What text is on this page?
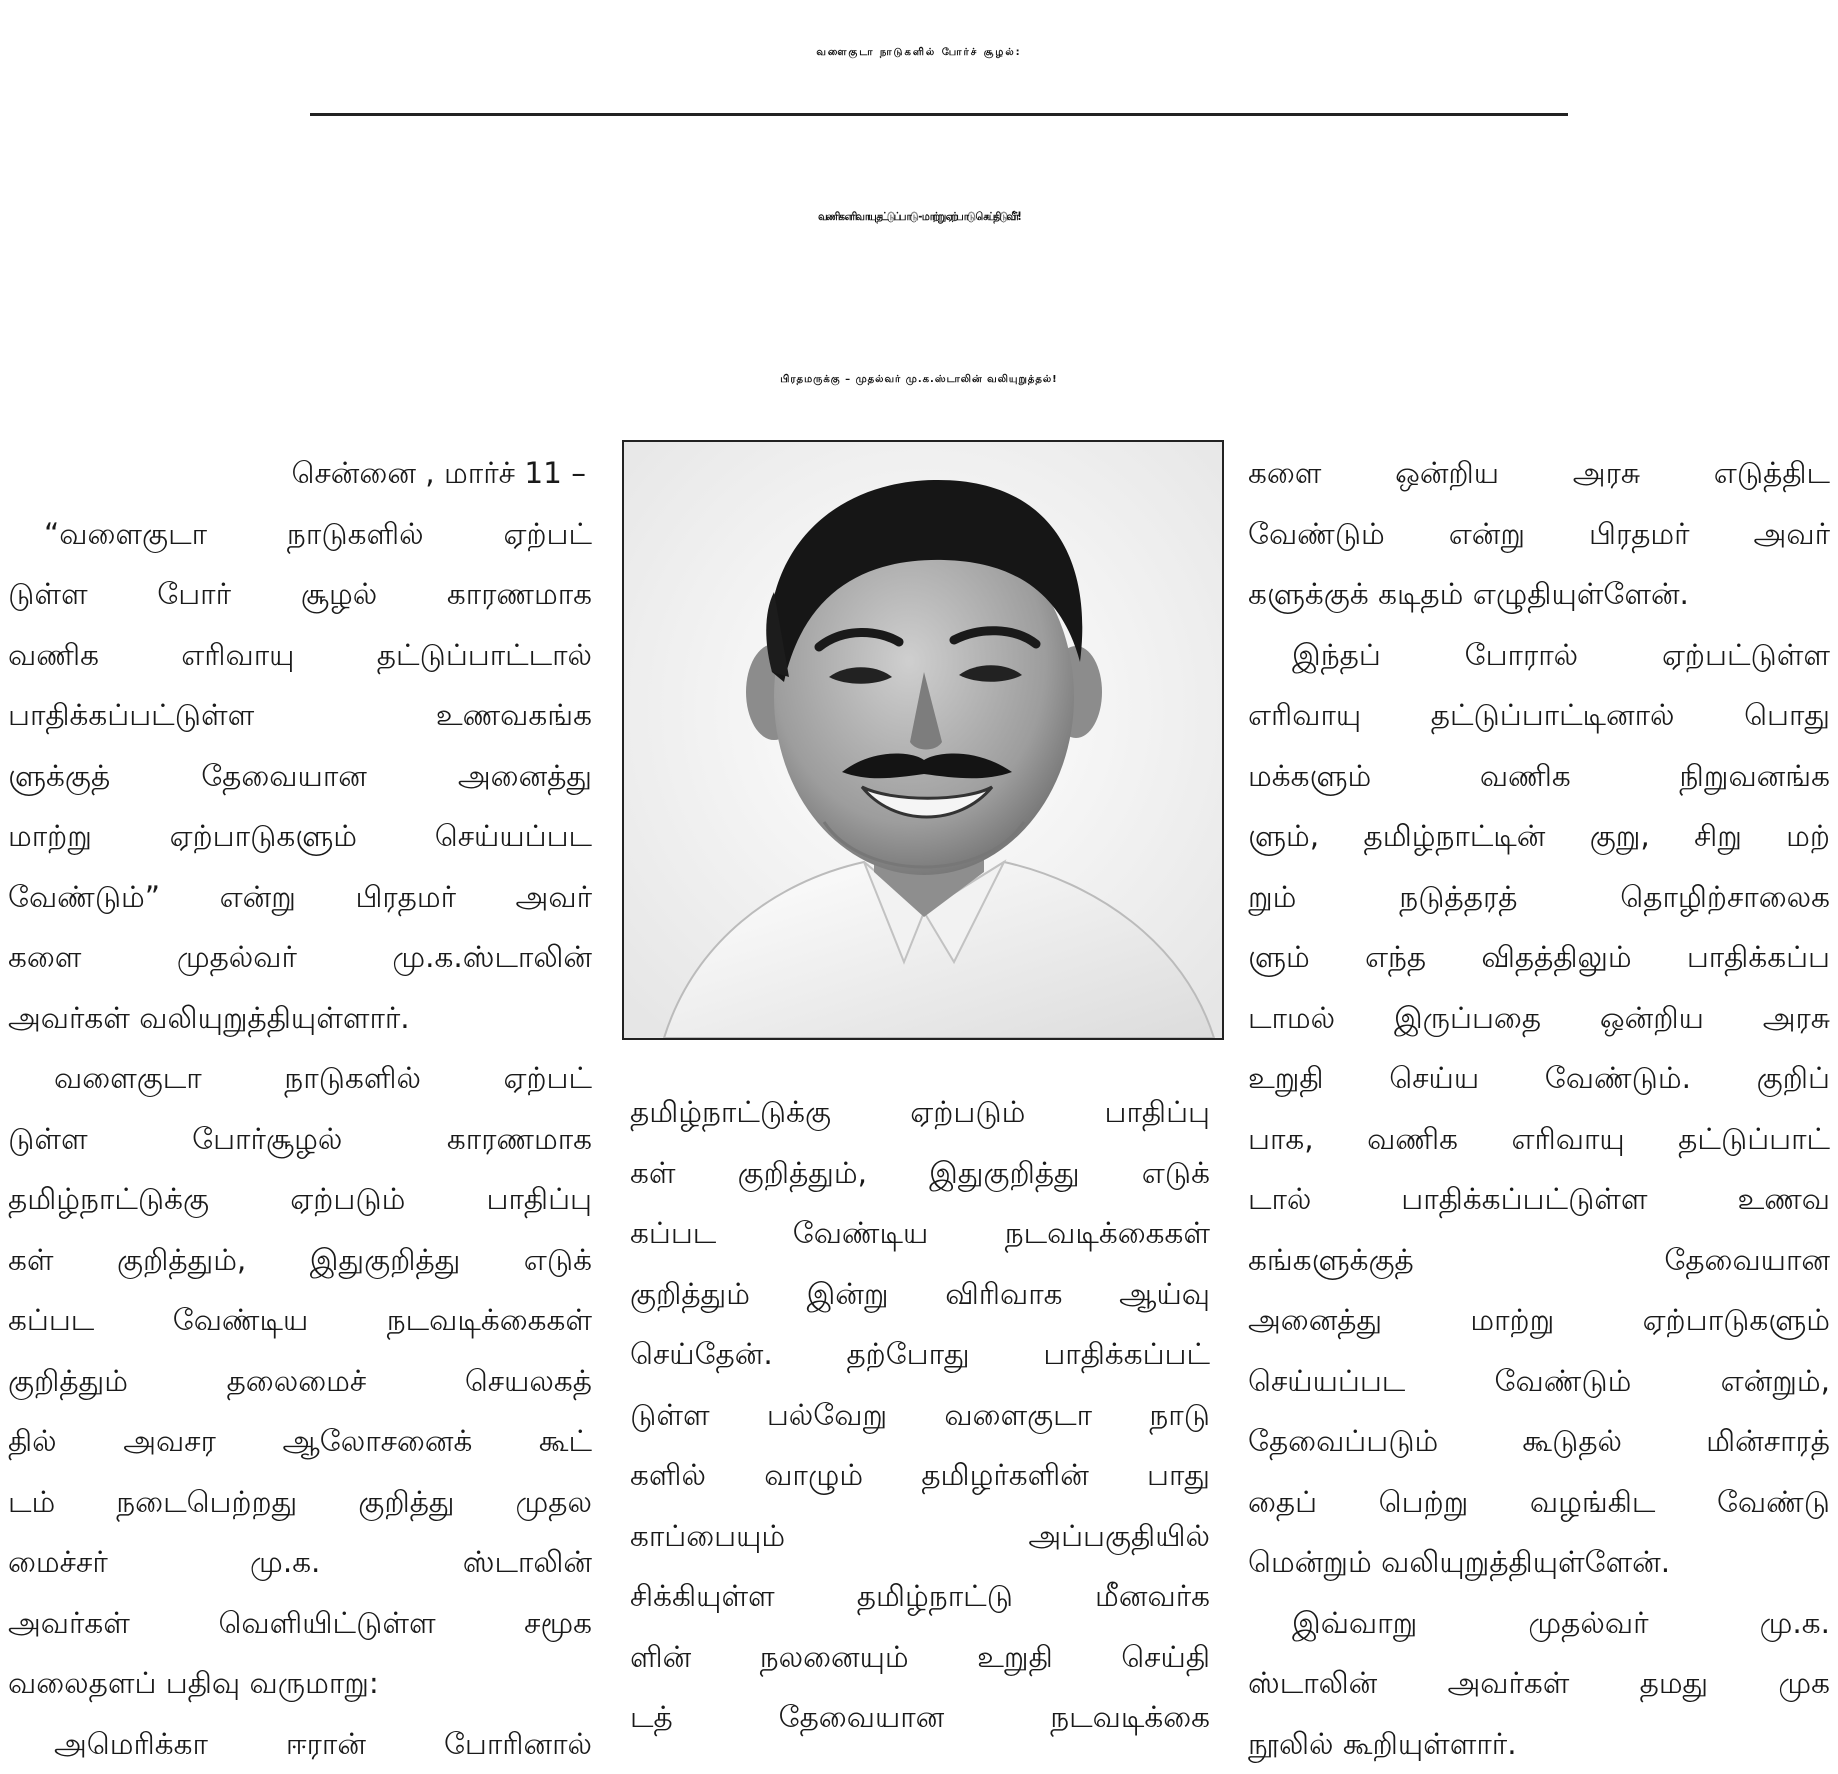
வளைகுடா நாடுகளில் போர்ச் சூழல்:
வணிக எரிவாயு தட்டுப்பாடு - மாற்று ஏற்பாடு செய்திடுவீர்!
பிரதமருக்கு – முதல்வர் மு.க.ஸ்டாலின் வலியுறுத்தல்!
சென்னை , மார்ச் 11 –
“வளைகுடா நாடுகளில் ஏற்பட்
டுள்ள போர் சூழல் காரணமாக
வணிக எரிவாயு தட்டுப்பாட்டால்
பாதிக்கப்பட்டுள்ள உணவகங்க
ளுக்குத் தேவையான அனைத்து
மாற்று ஏற்பாடுகளும் செய்யப்பட
வேண்டும்” என்று பிரதமர் அவர்
களை முதல்வர் மு.க.ஸ்டாலின்
அவர்கள் வலியுறுத்தியுள்ளார்.
வளைகுடா நாடுகளில் ஏற்பட்
டுள்ள போர்சூழல் காரணமாக
தமிழ்நாட்டுக்கு ஏற்படும் பாதிப்பு
கள் குறித்தும், இதுகுறித்து எடுக்
கப்பட வேண்டிய நடவடிக்கைகள்
குறித்தும் தலைமைச் செயலகத்
தில் அவசர ஆலோசனைக் கூட்
டம் நடைபெற்றது குறித்து முதல
மைச்சர் மு.க. ஸ்டாலின்
அவர்கள் வெளியிட்டுள்ள சமூக
வலைதளப் பதிவு வருமாறு:
அமெரிக்கா ஈரான் போரினால்
தமிழ்நாட்டுக்கு ஏற்படும் பாதிப்பு
கள் குறித்தும், இதுகுறித்து எடுக்
கப்பட வேண்டிய நடவடிக்கைகள்
குறித்தும் இன்று விரிவாக ஆய்வு
செய்தேன். தற்போது பாதிக்கப்பட்
டுள்ள பல்வேறு வளைகுடா நாடு
களில் வாழும் தமிழர்களின் பாது
காப்பையும் அப்பகுதியில்
சிக்கியுள்ள தமிழ்நாட்டு மீனவர்க
ளின் நலனையும் உறுதி செய்தி
டத் தேவையான நடவடிக்கை
களை ஒன்றிய அரசு எடுத்திட
வேண்டும் என்று பிரதமர் அவர்
களுக்குக் கடிதம் எழுதியுள்ளேன்.
இந்தப் போரால் ஏற்பட்டுள்ள
எரிவாயு தட்டுப்பாட்டினால் பொது
மக்களும் வணிக நிறுவனங்க
ளும், தமிழ்நாட்டின் குறு, சிறு மற்
றும் நடுத்தரத் தொழிற்சாலைக
ளும் எந்த விதத்திலும் பாதிக்கப்ப
டாமல் இருப்பதை ஒன்றிய அரசு
உறுதி செய்ய வேண்டும். குறிப்
பாக, வணிக எரிவாயு தட்டுப்பாட்
டால் பாதிக்கப்பட்டுள்ள உணவ
கங்களுக்குத் தேவையான
அனைத்து மாற்று ஏற்பாடுகளும்
செய்யப்பட வேண்டும் என்றும்,
தேவைப்படும் கூடுதல் மின்சாரத்
தைப் பெற்று வழங்கிட வேண்டு
மென்றும் வலியுறுத்தியுள்ளேன்.
இவ்வாறு முதல்வர் மு.க.
ஸ்டாலின் அவர்கள் தமது முக
நூலில் கூறியுள்ளார்.
